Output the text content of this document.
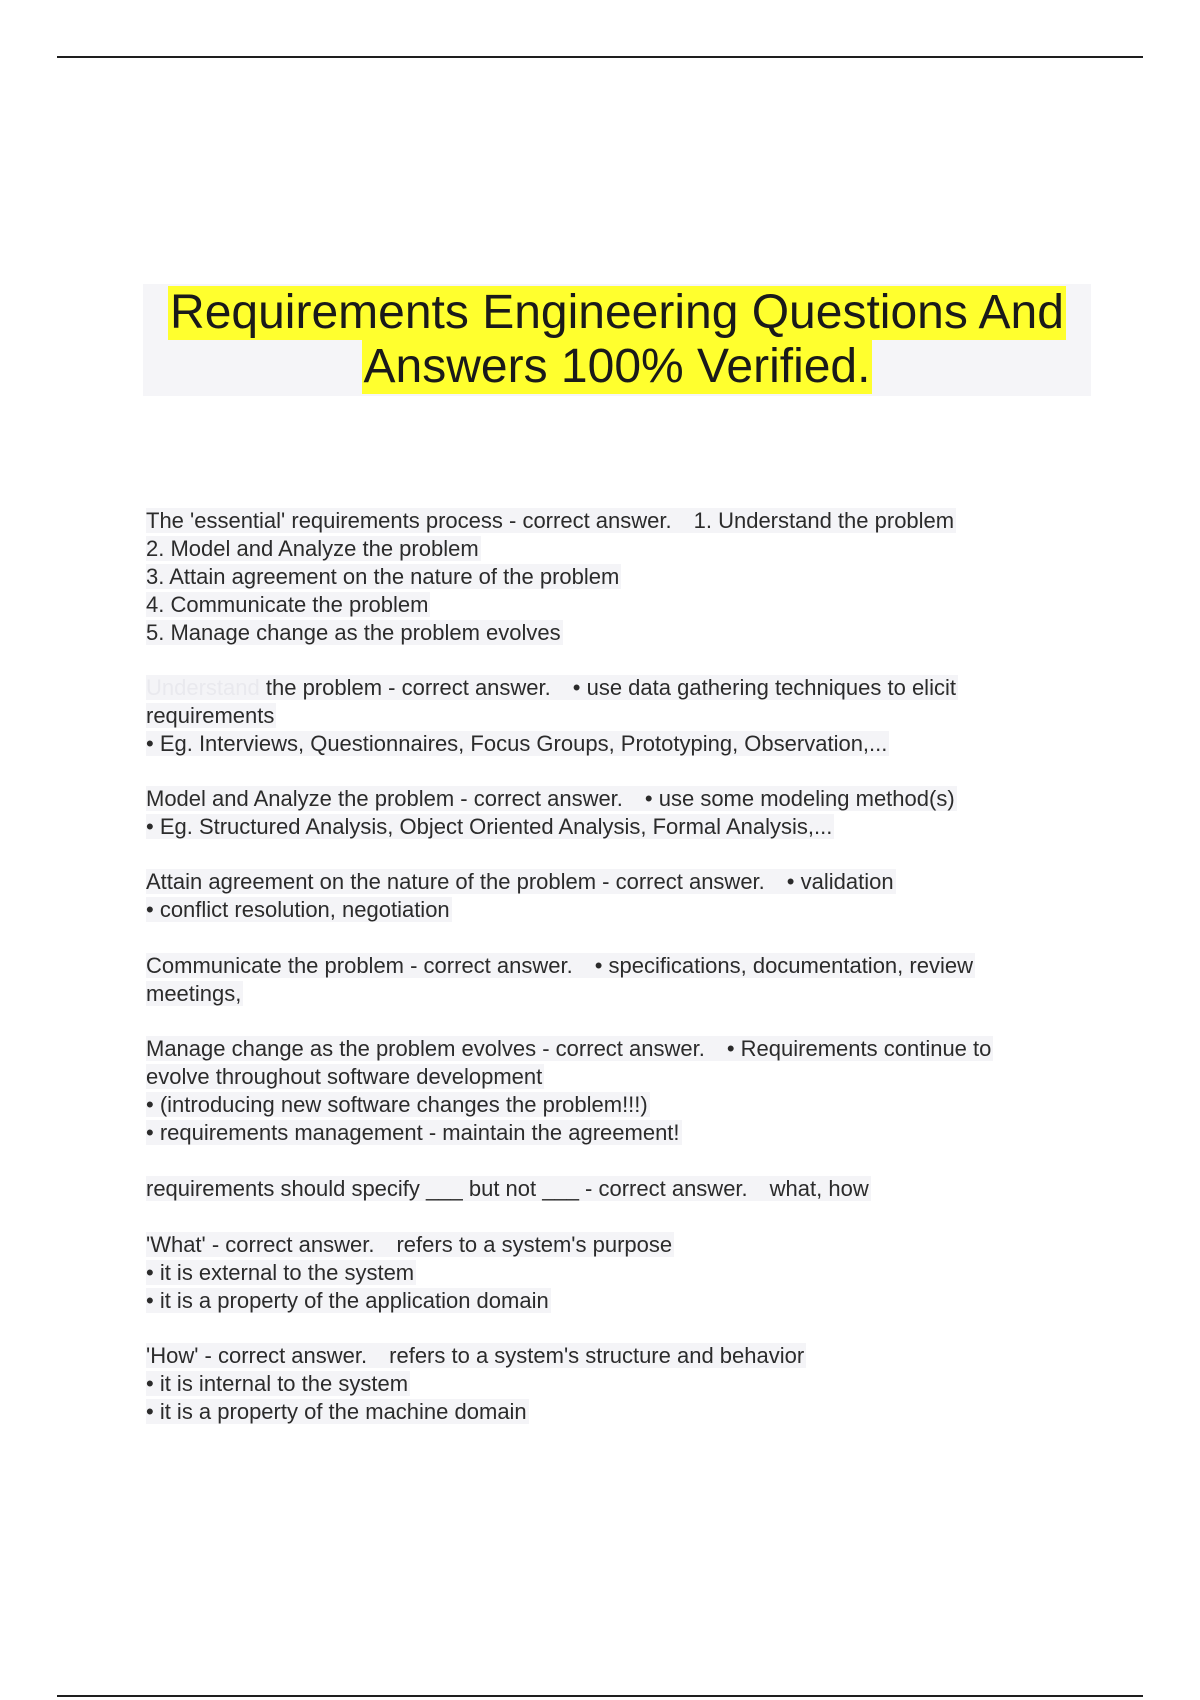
Requirements Engineering Questions And
Answers 100% Verified.
The 'essential' requirements process - correct answer. 1. Understand the problem
2. Model and Analyze the problem
3. Attain agreement on the nature of the problem
4. Communicate the problem
5. Manage change as the problem evolves
Understand the problem - correct answer. • use data gathering techniques to elicit
requirements
• Eg. Interviews, Questionnaires, Focus Groups, Prototyping, Observation,...
Model and Analyze the problem - correct answer. • use some modeling method(s)
• Eg. Structured Analysis, Object Oriented Analysis, Formal Analysis,...
Attain agreement on the nature of the problem - correct answer. • validation
• conflict resolution, negotiation
Communicate the problem - correct answer. • specifications, documentation, review
meetings,
Manage change as the problem evolves - correct answer. • Requirements continue to
evolve throughout software development
• (introducing new software changes the problem!!!)
• requirements management - maintain the agreement!
requirements should specify ___ but not ___ - correct answer. what, how
'What' - correct answer. refers to a system's purpose
• it is external to the system
• it is a property of the application domain
'How' - correct answer. refers to a system's structure and behavior
• it is internal to the system
• it is a property of the machine domain
